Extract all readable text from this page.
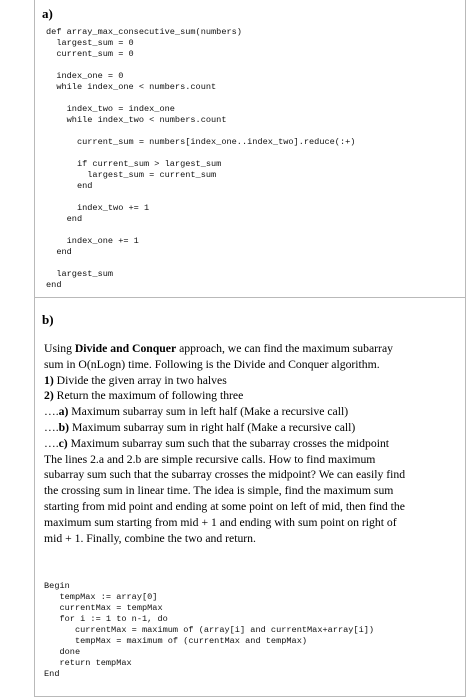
a)
def array_max_consecutive_sum(numbers)
largest_sum = 0
current_sum = 0

index_one = 0
while index_one < numbers.count

index_two = index_one
while index_two < numbers.count

current_sum = numbers[index_one..index_two].reduce(:+)

if current_sum > largest_sum
largest_sum = current_sum
end

index_two += 1
end

index_one += 1
end

largest_sum
end
b)
Using Divide and Conquer approach, we can find the maximum subarray
sum in O(nLogn) time. Following is the Divide and Conquer algorithm.
1) Divide the given array in two halves
2) Return the maximum of following three
….a) Maximum subarray sum in left half (Make a recursive call)
….b) Maximum subarray sum in right half (Make a recursive call)
….c) Maximum subarray sum such that the subarray crosses the midpoint
The lines 2.a and 2.b are simple recursive calls. How to find maximum
subarray sum such that the subarray crosses the midpoint? We can easily find
the crossing sum in linear time. The idea is simple, find the maximum sum
starting from mid point and ending at some point on left of mid, then find the
maximum sum starting from mid + 1 and ending with sum point on right of
mid + 1. Finally, combine the two and return.
Begin
tempMax := array[0]
currentMax = tempMax
for i := 1 to n-1, do
currentMax = maximum of (array[i] and currentMax+array[i])
tempMax = maximum of (currentMax and tempMax)
done
return tempMax
End
